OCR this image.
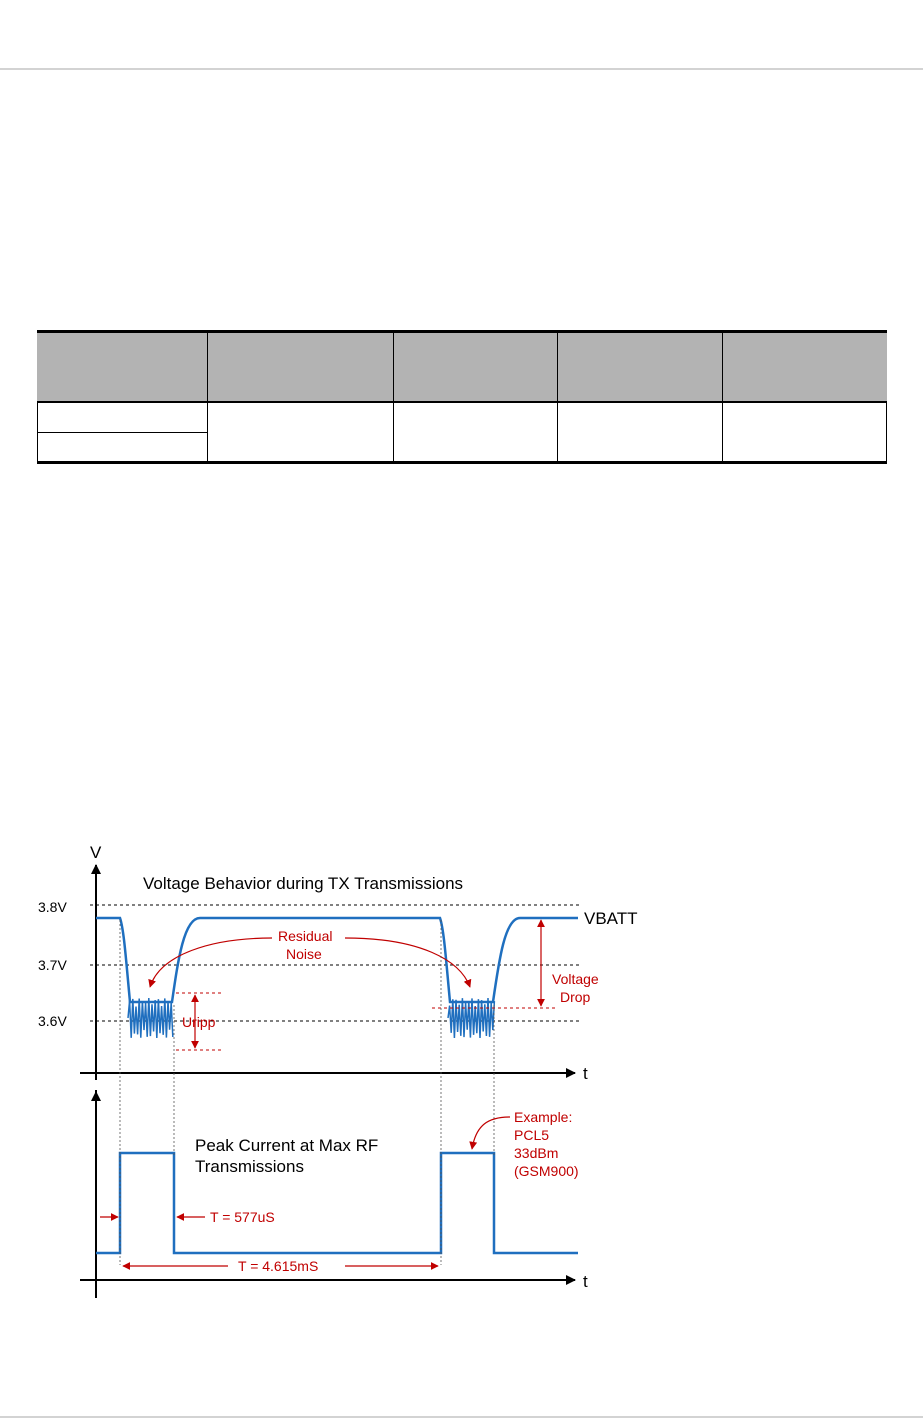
V
t
3.8V
3.7V
3.6V
Voltage Behavior during TX Transmissions
VBATT
Residual
Noise
Voltage
Drop
Uripp
t
Peak Current at Max RF
Transmissions
Example:
PCL5
33dBm
(GSM900)
T = 577uS
T = 4.615mS
